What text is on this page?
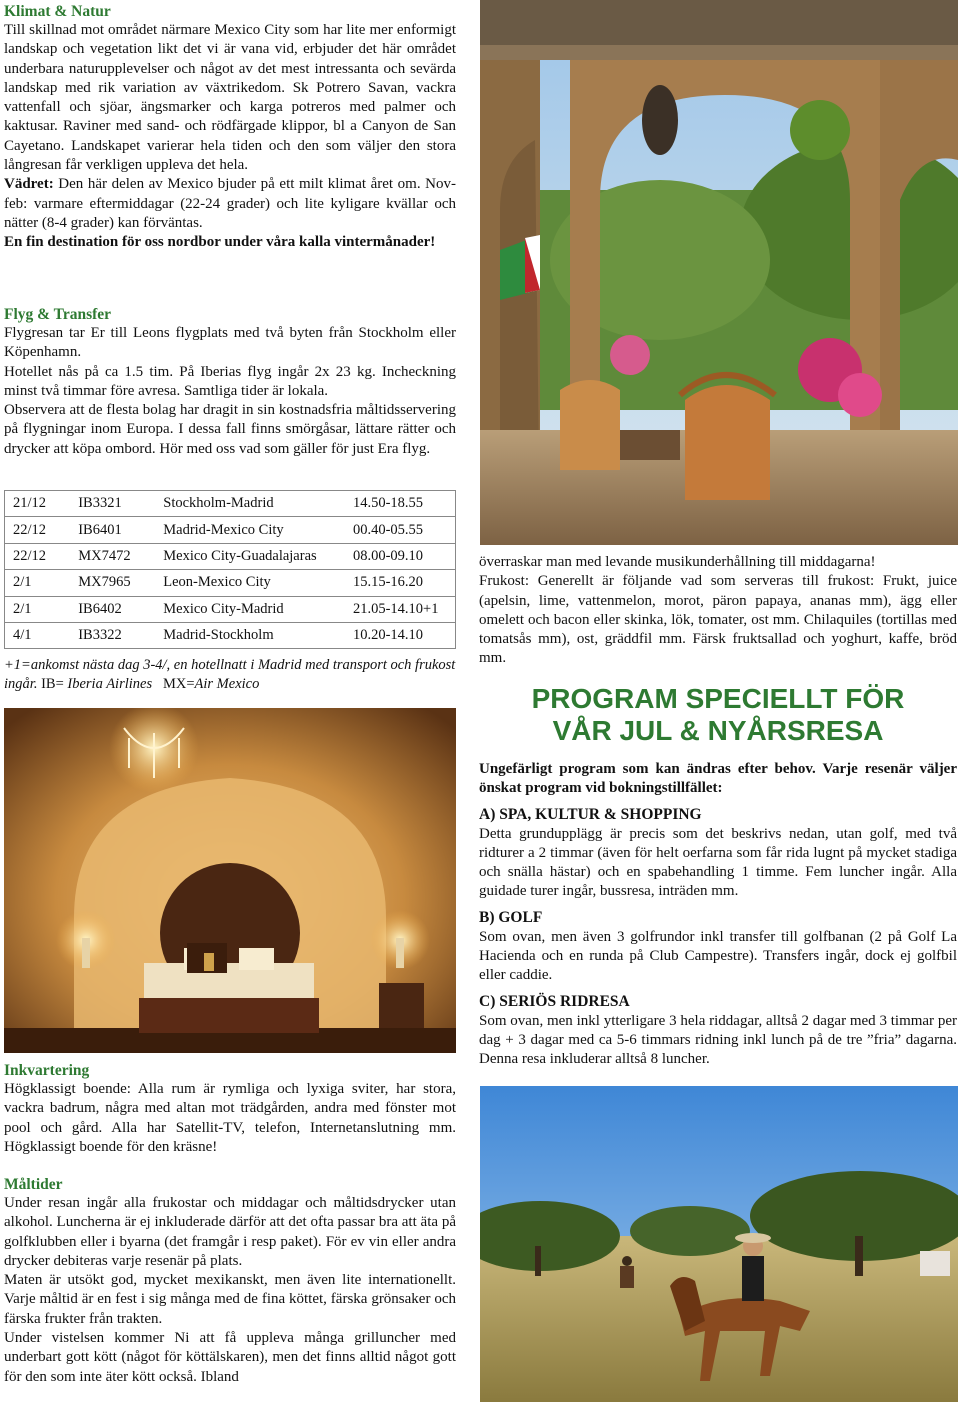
Klimat & Natur

Till skillnad mot området närmare Mexico City som har lite mer enformigt landskap och vegetation likt det vi är vana vid, erbjuder det här området underbara naturupplevelser och något av det mest intressanta och sevärda landskap med rik variation av växtrikedom. Sk Potrero Savan, vackra vattenfall och sjöar, ängsmarker och karga potreros med palmer och kaktusar. Raviner med sand- och rödfärgade klippor, bl a Canyon de San Cayetano. Landskapet varierar hela tiden och den som väljer den stora långresan får verkligen uppleva det hela.

Vädret: Den här delen av Mexico bjuder på ett milt klimat året om. Nov-feb: varmare eftermiddagar (22-24 grader) och lite kyligare kvällar och nätter (8-4 grader) kan förväntas.

En fin destination för oss nordbor under våra kalla vintermånader!

Flyg & Transfer

Flygresan tar Er till Leons flygplats med två byten från Stockholm eller Köpenhamn.

Hotellet nås på ca 1.5 tim. På Iberias flyg ingår 2x 23 kg. Incheckning minst två timmar före avresa. Samtliga tider är lokala.

Observera att de flesta bolag har dragit in sin kostnadsfria måltidsservering på flygningar inom Europa. I dessa fall finns smörgåsar, lättare rätter och drycker att köpa ombord. Hör med oss vad som gäller för just Era flyg.

21/12	IB3321	Stockholm-Madrid	14.50-18.55
22/12	IB6401	Madrid-Mexico City	00.40-05.55
22/12	MX7472	Mexico City-Guadalajaras	08.00-09.10
2/1	MX7965	Leon-Mexico City	15.15-16.20
2/1	IB6402	Mexico City-Madrid	21.05-14.10+1
4/1	IB3322	Madrid-Stockholm	10.20-14.10

+1=ankomst nästa dag 3-4/, en hotellnatt i Madrid med transport och frukost ingår. IB= Iberia Airlines   MX=Air Mexico

Inkvartering

Högklassigt boende: Alla rum är rymliga och lyxiga sviter, har stora, vackra badrum, några med altan mot trädgården, andra med fönster mot pool och gård. Alla har Satellit-TV, telefon, Internetanslutning mm. Högklassigt boende för den kräsne!

Måltider

Under resan ingår alla frukostar och middagar och måltidsdrycker utan alkohol. Luncherna är ej inkluderade därför att det ofta passar bra att äta på golfklubben eller i byarna (det framgår i resp paket). För ev vin eller andra drycker debiteras varje resenär på plats.

Maten är utsökt god, mycket mexikanskt, men även lite internationellt. Varje måltid är en fest i sig många med de fina köttet, färska grönsaker och färska frukter från trakten.

Under vistelsen kommer Ni att få uppleva många grilluncher med underbart gott kött (något för köttälskaren), men det finns alltid något gott för den som inte äter kött också. Ibland

överraskar man med levande musikunderhållning till middagarna!

Frukost: Generellt är följande vad som serveras till frukost: Frukt, juice (apelsin, lime, vattenmelon, morot, päron papaya, ananas mm), ägg eller omelett och bacon eller skinka, lök, tomater, ost mm. Chilaquiles (tortillas med tomatsås mm), ost, gräddfil mm. Färsk fruktsallad och yoghurt, kaffe, bröd mm.

PROGRAM SPECIELLT FÖR
VÅR JUL & NYÅRSRESA

Ungefärligt program som kan ändras efter behov. Varje resenär väljer önskat program vid bokningstillfället:

A) SPA, KULTUR & SHOPPING

Detta grundupplägg är precis som det beskrivs nedan, utan golf, med två ridturer a 2 timmar (även för helt oerfarna som får rida lugnt på mycket stadiga och snälla hästar) och en spabehandling 1 timme. Fem luncher ingår. Alla guidade turer ingår, bussresa, inträden mm.

B) GOLF

Som ovan, men även 3 golfrundor inkl transfer till golfbanan (2 på Golf La Hacienda och en runda på Club Campestre). Transfers ingår, dock ej golfbil eller caddie.

C) SERIÖS RIDRESA

Som ovan, men inkl ytterligare 3 hela riddagar, alltså 2 dagar med 3 timmar per dag + 3 dagar med ca 5-6 timmars ridning inkl lunch på de tre ”fria” dagarna. Denna resa inkluderar alltså 8 luncher.
